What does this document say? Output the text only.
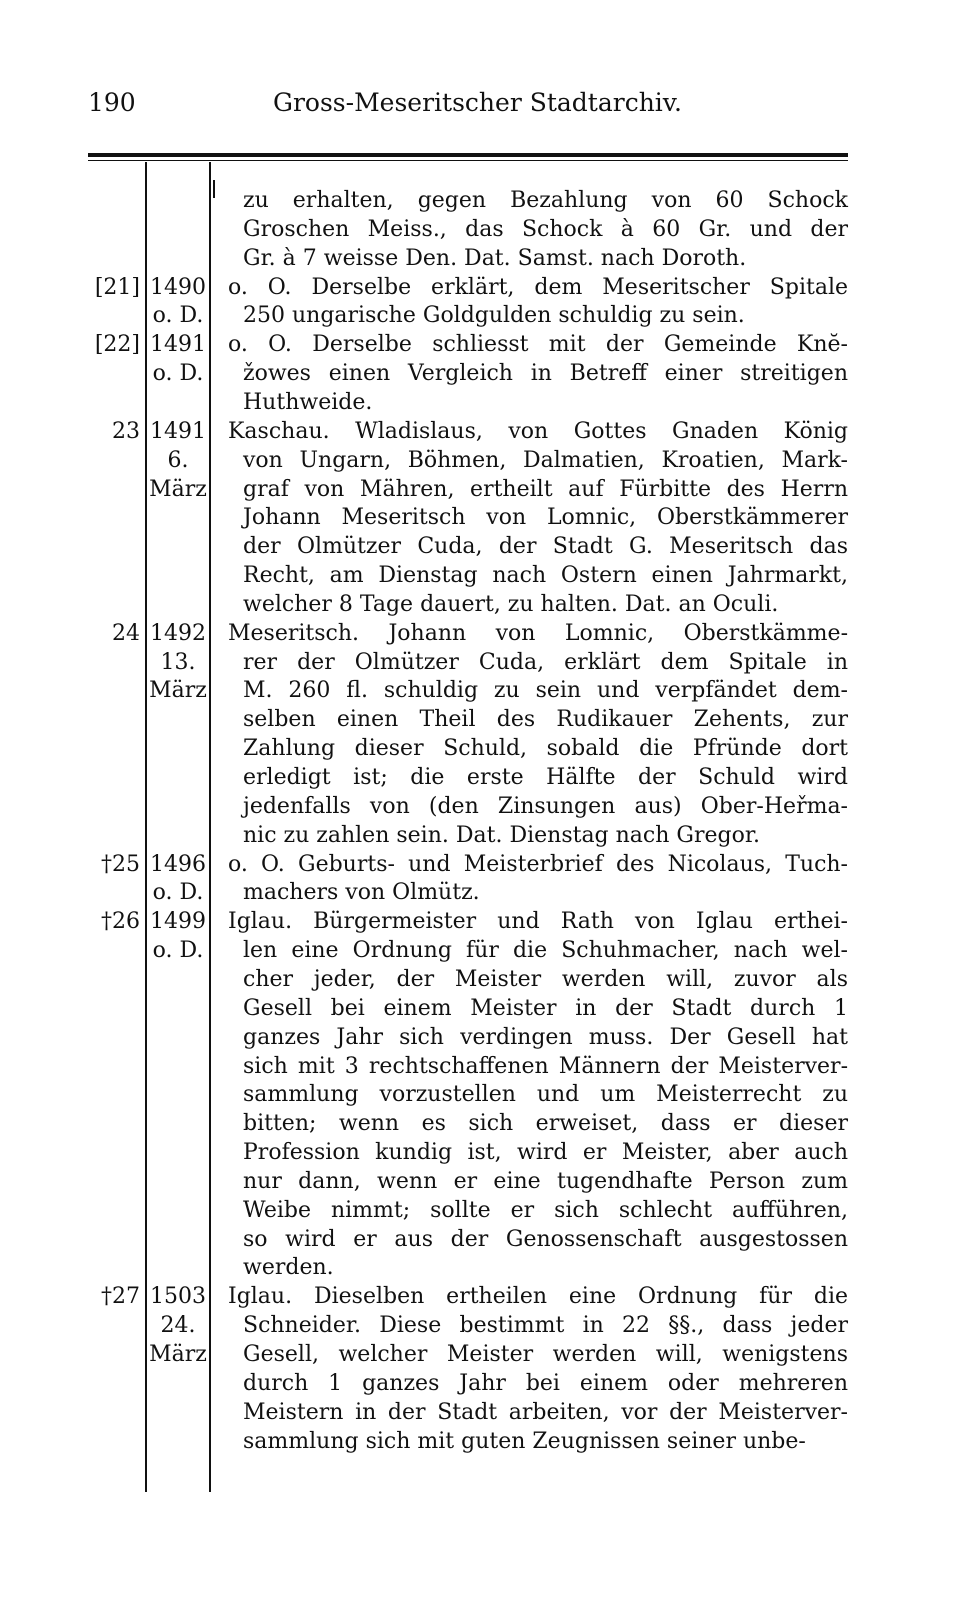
190	Gross-Meseritscher Stadtarchiv.
zu erhalten, gegen Bezahlung von 60 Schock
Groschen Meiss., das Schock à 60 Gr. und der
Gr. à 7 weisse Den. Dat. Samst. nach Doroth.
[21] 1490
o. D.
o. O. Derselbe erklärt, dem Meseritscher Spitale
250 ungarische Goldgulden schuldig zu sein.
[22] 1491
o. D.
o. O. Derselbe schliesst mit der Gemeinde Knĕ-
žowes einen Vergleich in Betreff einer streitigen
Huthweide.
23 1491
6.
März
Kaschau. Wladislaus, von Gottes Gnaden König
von Ungarn, Böhmen, Dalmatien, Kroatien, Mark-
graf von Mähren, ertheilt auf Fürbitte des Herrn
Johann Meseritsch von Lomnic, Oberstkämmerer
der Olmützer Cuda, der Stadt G. Meseritsch das
Recht, am Dienstag nach Ostern einen Jahrmarkt,
welcher 8 Tage dauert, zu halten. Dat. an Oculi.
24 1492
13.
März
Meseritsch. Johann von Lomnic, Oberstkämme-
rer der Olmützer Cuda, erklärt dem Spitale in
M. 260 fl. schuldig zu sein und verpfändet dem-
selben einen Theil des Rudikauer Zehents, zur
Zahlung dieser Schuld, sobald die Pfründe dort
erledigt ist; die erste Hälfte der Schuld wird
jedenfalls von (den Zinsungen aus) Ober-Heřma-
nic zu zahlen sein. Dat. Dienstag nach Gregor.
†25 1496
o. D.
o. O. Geburts- und Meisterbrief des Nicolaus, Tuch-
machers von Olmütz.
†26 1499
o. D.
Iglau. Bürgermeister und Rath von Iglau erthei-
len eine Ordnung für die Schuhmacher, nach wel-
cher jeder, der Meister werden will, zuvor als
Gesell bei einem Meister in der Stadt durch 1
ganzes Jahr sich verdingen muss. Der Gesell hat
sich mit 3 rechtschaffenen Männern der Meisterver-
sammlung vorzustellen und um Meisterrecht zu
bitten; wenn es sich erweiset, dass er dieser
Profession kundig ist, wird er Meister, aber auch
nur dann, wenn er eine tugendhafte Person zum
Weibe nimmt; sollte er sich schlecht aufführen,
so wird er aus der Genossenschaft ausgestossen
werden.
†27 1503
24.
März
Iglau. Dieselben ertheilen eine Ordnung für die
Schneider. Diese bestimmt in 22 §§., dass jeder
Gesell, welcher Meister werden will, wenigstens
durch 1 ganzes Jahr bei einem oder mehreren
Meistern in der Stadt arbeiten, vor der Meisterver-
sammlung sich mit guten Zeugnissen seiner unbe-
